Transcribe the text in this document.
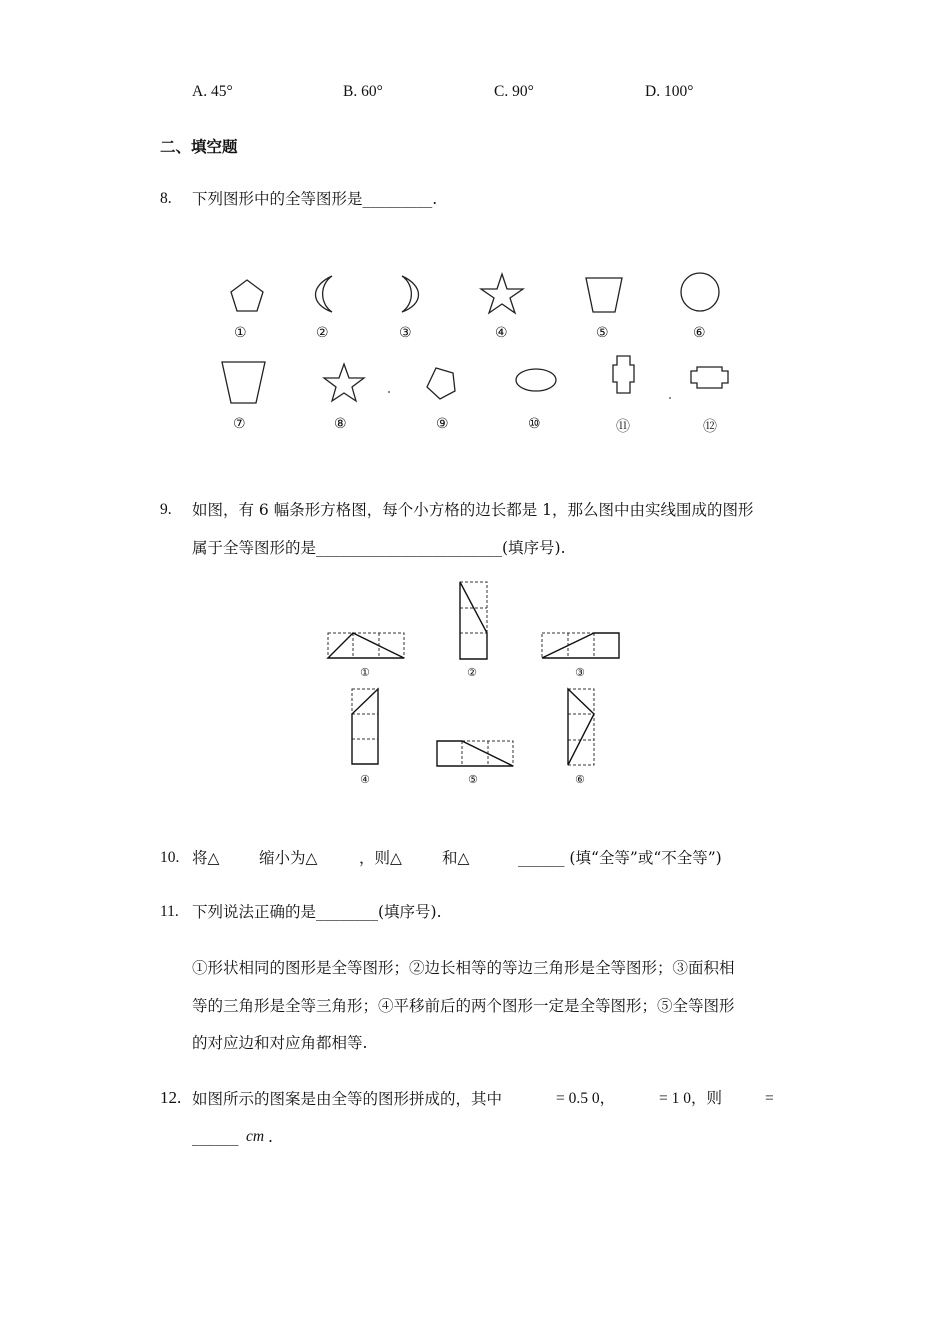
A. 45°	B. 60°	C. 90°	D. 100°
二、填空题
8. 下列图形中的全等图形是_________.
①	②	③	④	⑤	⑥
⑦	⑧	⑨	⑩	⑪	⑫
9. 如图，有 6 幅条形方格图，每个小方格的边长都是 1，那么图中由实线围成的图形
属于全等图形的是________________________(填序号).
①	②	③
④	⑤	⑥
10. 将△	缩小为△	，则△	和△	______ (填“全等”或“不全等”)
11. 下列说法正确的是________(填序号).
①形状相同的图形是全等图形；②边长相等的等边三角形是全等图形；③面积相
等的三角形是全等三角形；④平移前后的两个图形一定是全等图形；⑤全等图形
的对应边和对应角都相等.
12. 如图所示的图案是由全等的图形拼成的，其中	= 0.5 0，	= 1 0，则	=
______ cm .
